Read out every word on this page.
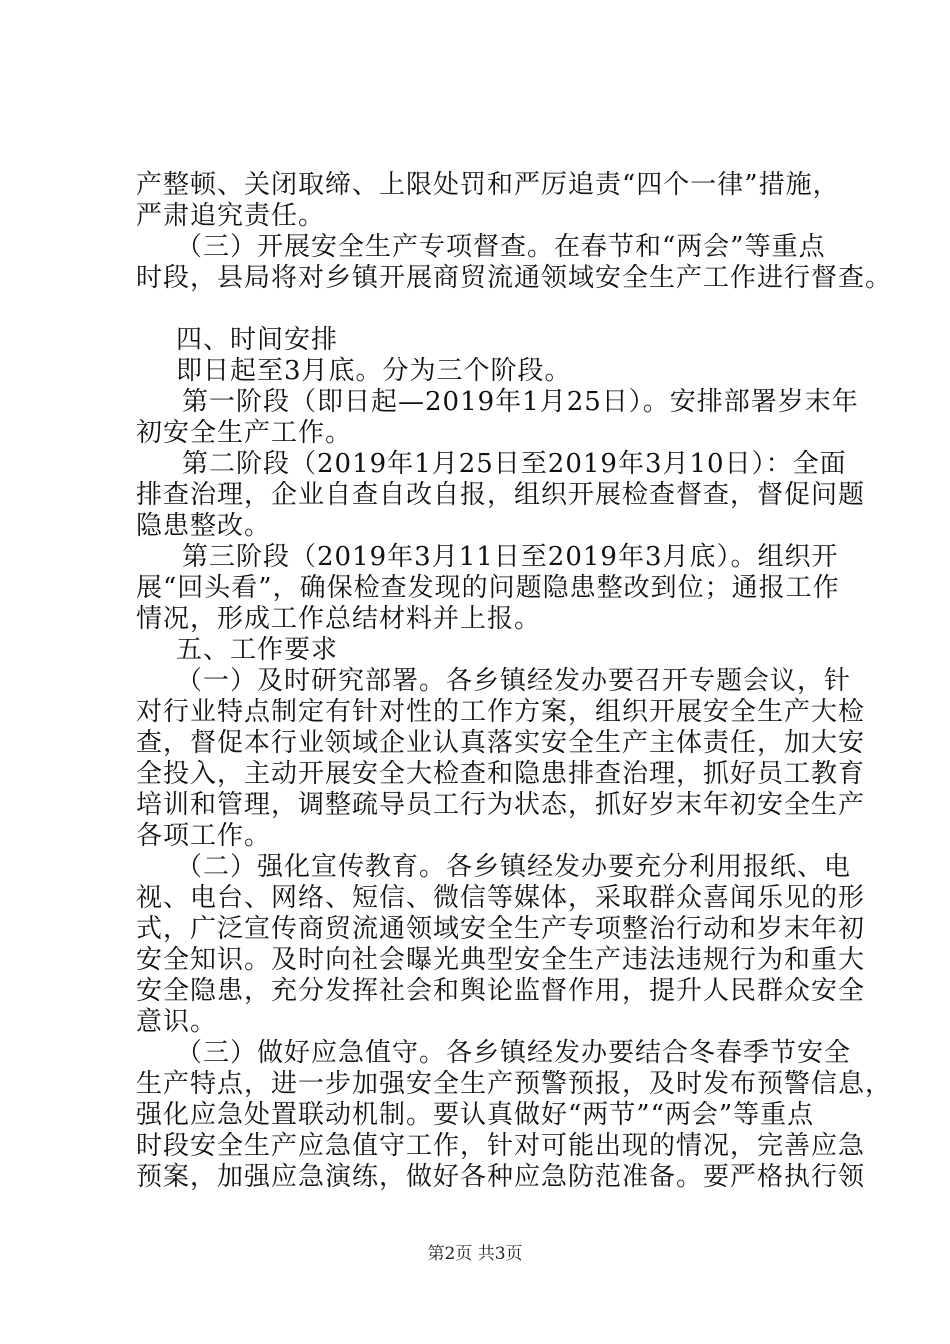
产整顿、关闭取缔、上限处罚和严厉追责“四个一律”措施，
严肃追究责任。
（三）开展安全生产专项督查。在春节和“两会”等重点
时段，县局将对乡镇开展商贸流通领域安全生产工作进行督查。
四、时间安排
即日起至3月底。分为三个阶段。
第一阶段（即日起—2019年1月25日）。安排部署岁末年
初安全生产工作。
第二阶段（2019年1月25日至2019年3月10日）：全面
排查治理，企业自查自改自报，组织开展检查督查，督促问题
隐患整改。
第三阶段（2019年3月11日至2019年3月底）。组织开
展“回头看”，确保检查发现的问题隐患整改到位；通报工作
情况，形成工作总结材料并上报。
五、工作要求
（一）及时研究部署。各乡镇经发办要召开专题会议，针
对行业特点制定有针对性的工作方案，组织开展安全生产大检
查，督促本行业领域企业认真落实安全生产主体责任，加大安
全投入，主动开展安全大检查和隐患排查治理，抓好员工教育
培训和管理，调整疏导员工行为状态，抓好岁末年初安全生产
各项工作。
（二）强化宣传教育。各乡镇经发办要充分利用报纸、电
视、电台、网络、短信、微信等媒体，采取群众喜闻乐见的形
式，广泛宣传商贸流通领域安全生产专项整治行动和岁末年初
安全知识。及时向社会曝光典型安全生产违法违规行为和重大
安全隐患，充分发挥社会和舆论监督作用，提升人民群众安全
意识。
（三）做好应急值守。各乡镇经发办要结合冬春季节安全
生产特点，进一步加强安全生产预警预报，及时发布预警信息，
强化应急处置联动机制。要认真做好“两节”“两会”等重点
时段安全生产应急值守工作，针对可能出现的情况，完善应急
预案，加强应急演练，做好各种应急防范准备。要严格执行领
第2页 共3页
